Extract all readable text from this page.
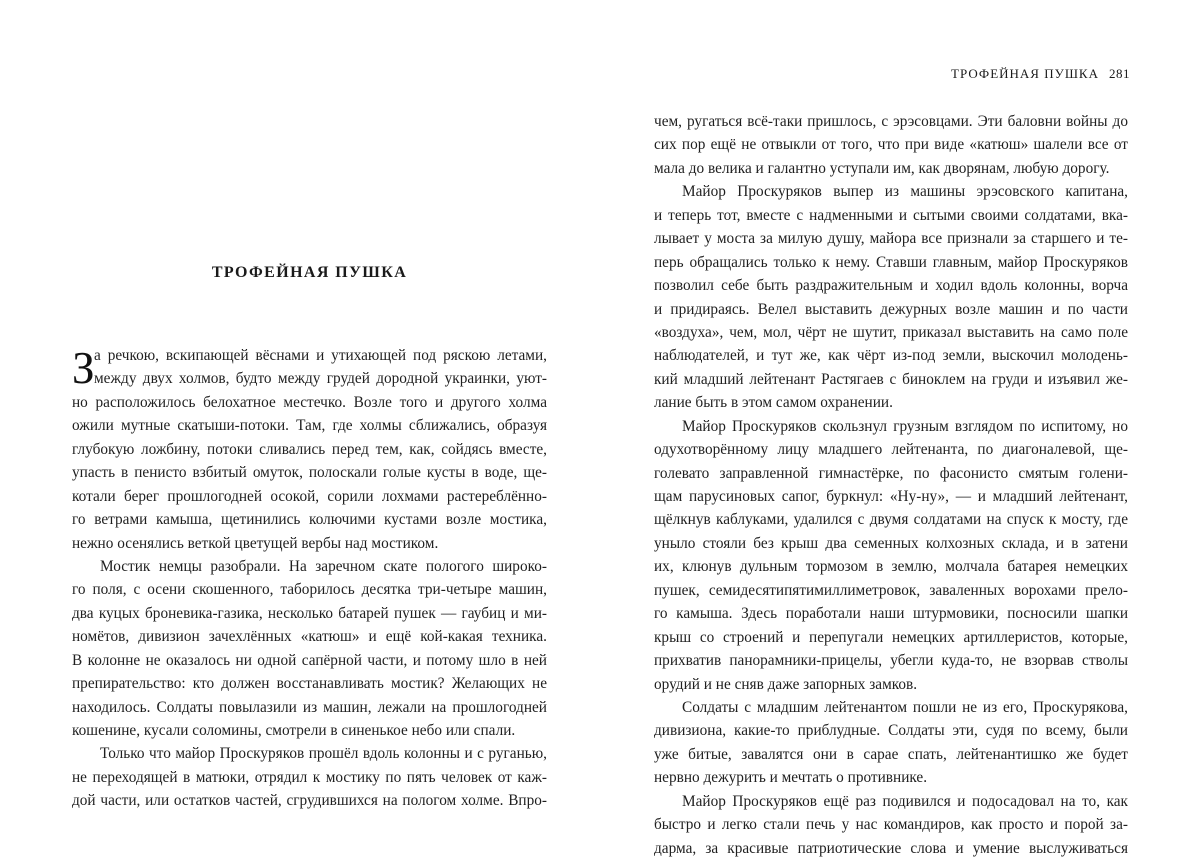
ТРОФЕЙНАЯ ПУШКА
З а речкою, вскипающей вёснами и утихающей под ряскою летами,
между двух холмов, будто между грудей дородной украинки, уют-
но расположилось белохатное местечко. Возле того и другого холма
ожили мутные скатыши-потоки. Там, где холмы сближались, образуя
глубокую ложбину, потоки сливались перед тем, как, сойдясь вместе,
упасть в пенисто взбитый омуток, полоскали голые кусты в воде, ще-
котали берег прошлогодней осокой, сорили лохмами растереблённо-
го ветрами камыша, щетинились колючими кустами возле мостика,
нежно осенялись веткой цветущей вербы над мостиком.
Мостик немцы разобрали. На заречном скате пологого широко-
го поля, с осени скошенного, таборилось десятка три-четыре машин,
два куцых броневика-газика, несколько батарей пушек — гаубиц и ми-
номётов, дивизион зачехлённых «катюш» и ещё кой-какая техника.
В колонне не оказалось ни одной сапёрной части, и потому шло в ней
препирательство: кто должен восстанавливать мостик? Желающих не
находилось. Солдаты повылазили из машин, лежали на прошлогодней
кошенине, кусали соломины, смотрели в синенькое небо или спали.
Только что майор Проскуряков прошёл вдоль колонны и с руганью,
не переходящей в матюки, отрядил к мостику по пять человек от каж-
дой части, или остатков частей, сгрудившихся на пологом холме. Впро-
ТРОФЕЙНАЯ ПУШКА 281
чем, ругаться всё-таки пришлось, с эрэсовцами. Эти баловни войны до
сих пор ещё не отвыкли от того, что при виде «катюш» шалели все от
мала до велика и галантно уступали им, как дворянам, любую дорогу.
Майор Проскуряков выпер из машины эрэсовского капитана,
и теперь тот, вместе с надменными и сытыми своими солдатами, вка-
лывает у моста за милую душу, майора все признали за старшего и те-
перь обращались только к нему. Ставши главным, майор Проскуряков
позволил себе быть раздражительным и ходил вдоль колонны, ворча
и придираясь. Велел выставить дежурных возле машин и по части
«воздуха», чем, мол, чёрт не шутит, приказал выставить на само поле
наблюдателей, и тут же, как чёрт из-под земли, выскочил молодень-
кий младший лейтенант Растягаев с биноклем на груди и изъявил же-
лание быть в этом самом охранении.
Майор Проскуряков скользнул грузным взглядом по испитому, но
одухотворённому лицу младшего лейтенанта, по диагоналевой, ще-
голевато заправленной гимнастёрке, по фасонисто смятым голени-
щам парусиновых сапог, буркнул: «Ну-ну», — и младший лейтенант,
щёлкнув каблуками, удалился с двумя солдатами на спуск к мосту, где
уныло стояли без крыш два семенных колхозных склада, и в затени
их, клюнув дульным тормозом в землю, молчала батарея немецких
пушек, семидесятипятимиллиметровок, заваленных ворохами прело-
го камыша. Здесь поработали наши штурмовики, посносили шапки
крыш со строений и перепугали немецких артиллеристов, которые,
прихватив панорамники-прицелы, убегли куда-то, не взорвав стволы
орудий и не сняв даже запорных замков.
Солдаты с младшим лейтенантом пошли не из его, Проскурякова,
дивизиона, какие-то приблудные. Солдаты эти, судя по всему, были
уже битые, завалятся они в сарае спать, лейтенантишко же будет
нервно дежурить и мечтать о противнике.
Майор Проскуряков ещё раз подивился и подосадовал на то, как
быстро и легко стали печь у нас командиров, как просто и порой за-
дарма, за красивые патриотические слова и умение выслуживаться
